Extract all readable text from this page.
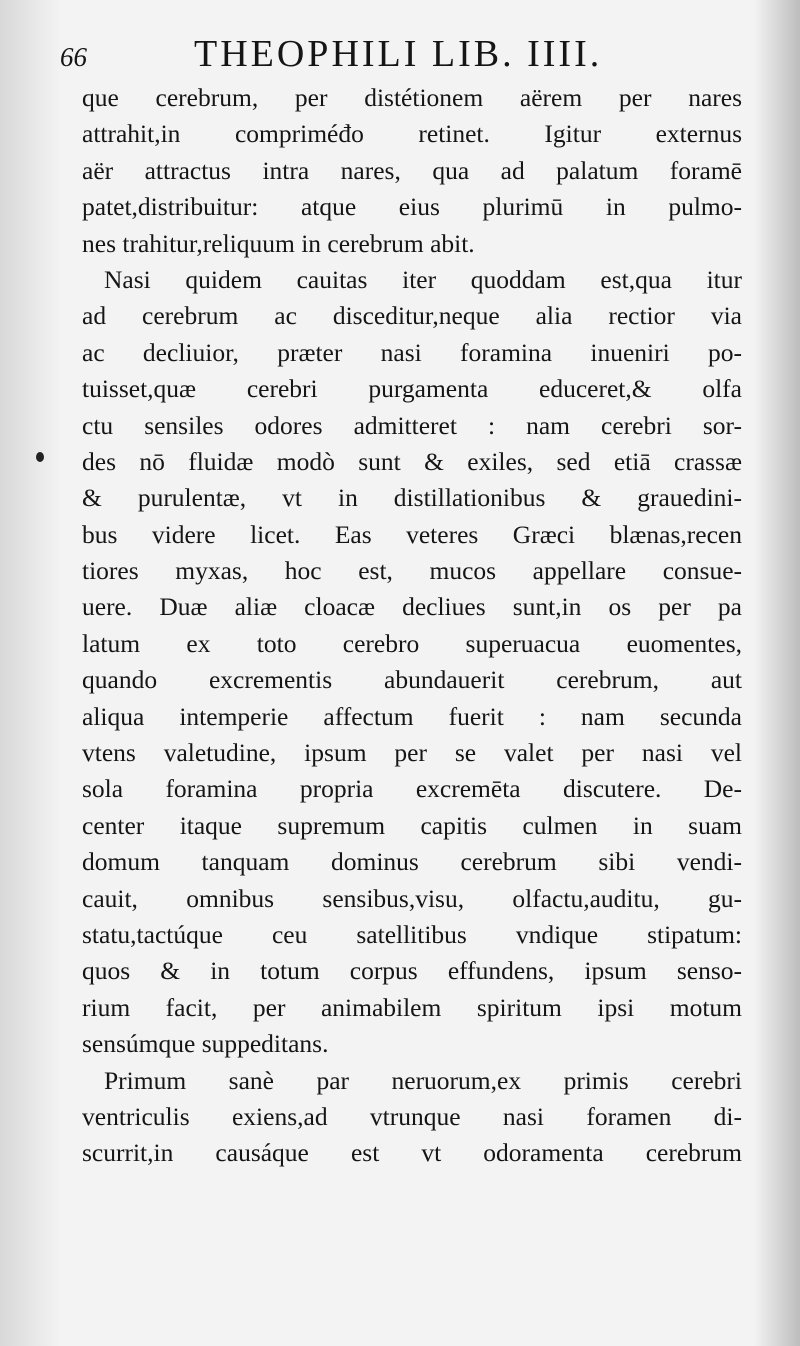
66	THEOPHILI LIB. IIII.
que cerebrum, per distétionem aërem per nares
attrahit,in compriméđo retinet. Igitur externus
aër attractus intra nares, qua ad palatum foramē
patet,distribuitur: atque eius plurimū in pulmo-
nes trahitur,reliquum in cerebrum abit.
Nasi quidem cauitas iter quoddam est,qua itur
ad cerebrum ac disceditur,neque alia rectior via
ac decliuior, præter nasi foramina inueniri po-
tuisset,quæ cerebri purgamenta educeret,& olfa
ctu sensiles odores admitteret : nam cerebri sor-
des nō fluidæ modò sunt & exiles, sed etiā crassæ
& purulentæ, vt in distillationibus & grauedini-
bus videre licet. Eas veteres Græci blænas,recen
tiores myxas, hoc est, mucos appellare consue-
uere. Duæ aliæ cloacæ decliues sunt,in os per pa
latum ex toto cerebro superuacua euomentes,
quando excrementis abundauerit cerebrum, aut
aliqua intemperie affectum fuerit : nam secunda
vtens valetudine, ipsum per se valet per nasi vel
sola foramina propria excremēta discutere. De-
center itaque supremum capitis culmen in suam
domum tanquam dominus cerebrum sibi vendi-
cauit, omnibus sensibus,visu, olfactu,auditu, gu-
statu,tactúque ceu satellitibus vndique stipatum:
quos & in totum corpus effundens, ipsum senso-
rium facit, per animabilem spiritum ipsi motum
sensúmque suppeditans.
Primum sanè par neruorum,ex primis cerebri
ventriculis exiens,ad vtrunque nasi foramen di-
scurrit,in causáque est vt odoramenta cerebrum
